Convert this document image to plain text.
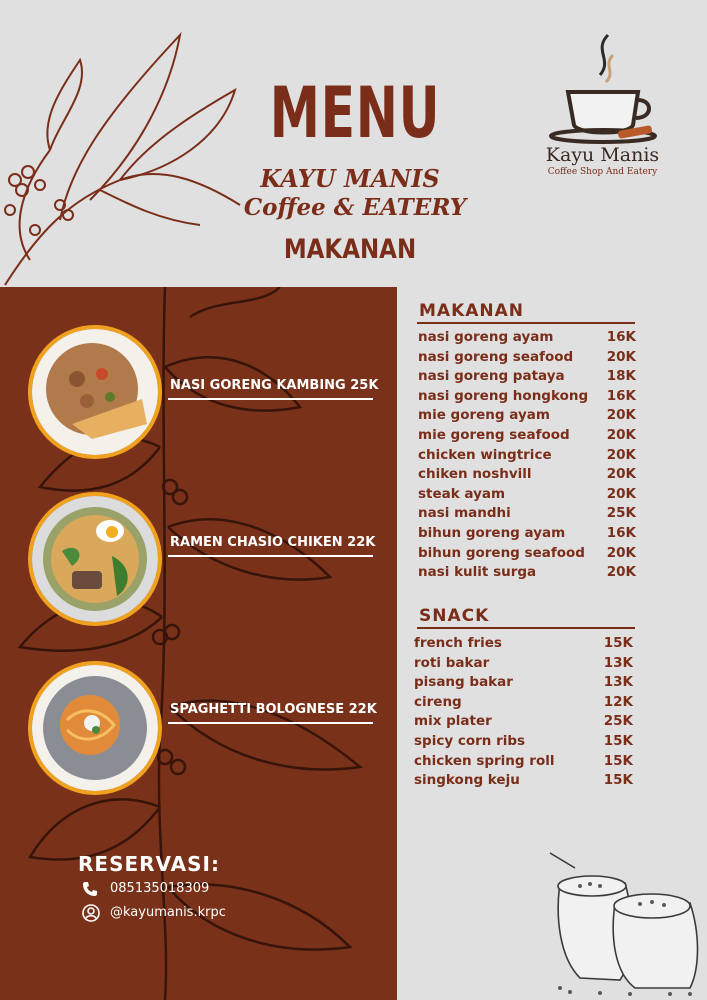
MENU
KAYU MANIS
Coffee & EATERY
MAKANAN
Kayu Manis
Coffee Shop And Eatery
NASI GORENG KAMBING 25K
RAMEN CHASIO CHIKEN 22K
SPAGHETTI BOLOGNESE 22K
RESERVASI:
085135018309
@kayumanis.krpc
MAKANAN
nasi goreng ayam	16K
nasi goreng seafood 20K
nasi goreng pataya	18K
nasi goreng hongkong 16K
mie goreng ayam	20K
mie goreng seafood	20K
chicken wingtrice	20K
chiken noshvill	20K
steak ayam	20K
nasi mandhi	25K
bihun goreng ayam	16K
bihun goreng seafood 20K
nasi kulit surga	20K
SNACK
french fries	15K
roti bakar	13K
pisang bakar	13K
cireng	12K
mix plater	25K
spicy corn ribs	15K
chicken spring roll	15K
singkong keju	15K
